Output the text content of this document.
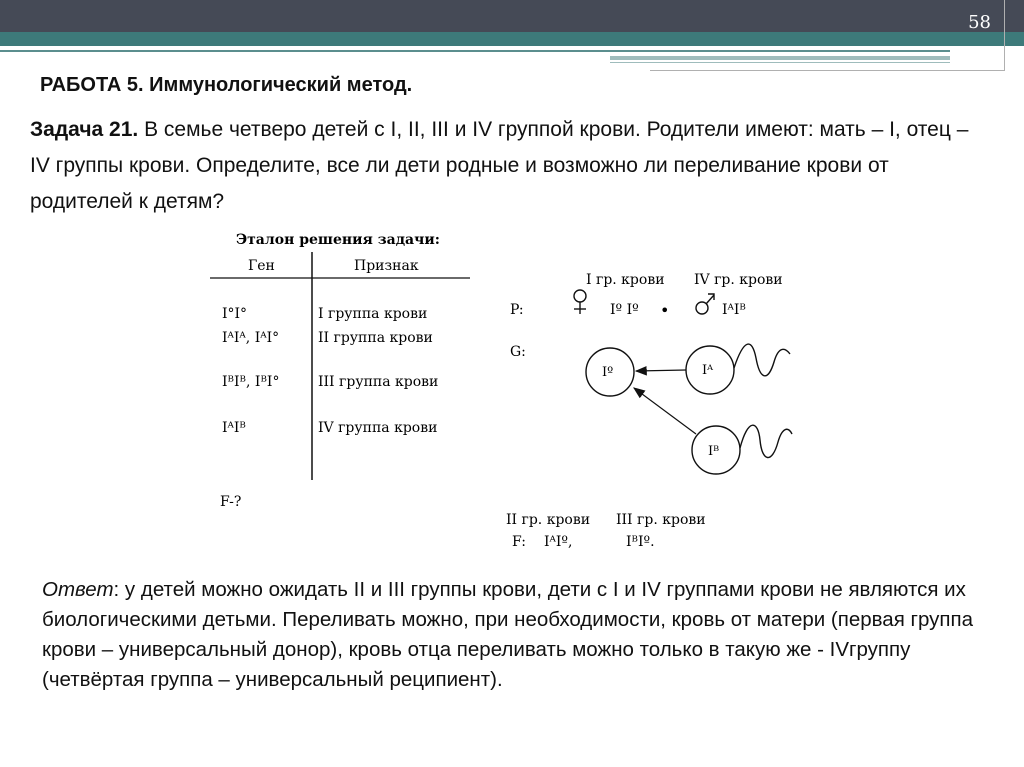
58
РАБОТА 5. Иммунологический метод.
Задача 21. В семье четверо детей с I, II, III и IV группой крови. Родители имеют: мать – I, отец – IV группы крови. Определите, все ли дети родные и возможно ли переливание крови от родителей к детям?
Эталон решения задачи:
Ген	Признак
I°I°	I группа крови
IᴬIᴬ, IᴬI°	II группа крови
IᴮIᴮ, IᴮI°	III группа крови
IᴬIᴮ	IV группа крови
F-?
I гр. крови IV гр. крови
P:	Iº Iº •	IᴬIᴮ
G:
Iº	Iᴬ
Iᴮ
II гр. крови III гр. крови
F: IᴬIº,	IᴮIº.
Ответ: у детей можно ожидать II и III группы крови, дети с I и IV группами крови не являются их биологическими детьми. Переливать можно, при необходимости, кровь от матери (первая группа крови – универсальный донор), кровь отца переливать можно только в такую же - IVгруппу (четвёртая группа – универсальный реципиент).
